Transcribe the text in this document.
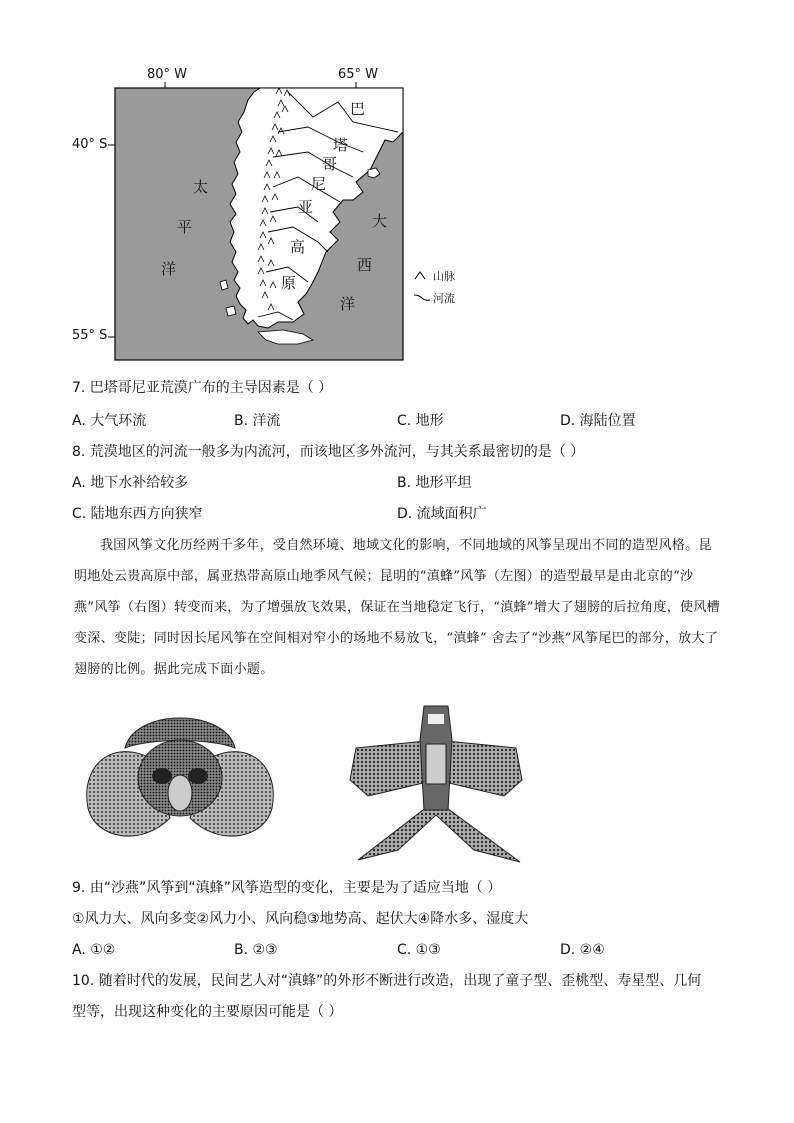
80° W	65° W
40° S
55° S
巴
塔
哥
尼
亚
高
原
太
平
洋
大
西
洋
山脉
河流
7. 巴塔哥尼亚荒漠广布的主导因素是（ ）
A. 大气环流	B. 洋流	C. 地形	D. 海陆位置
8. 荒漠地区的河流一般多为内流河，而该地区多外流河，与其关系最密切的是（ ）
A. 地下水补给较多	B. 地形平坦
C. 陆地东西方向狭窄	D. 流域面积广
我国风筝文化历经两千多年，受自然环境、地域文化的影响，不同地域的风筝呈现出不同的造型风格。昆明地处云贵高原中部，属亚热带高原山地季风气候；昆明的“滇蜂”风筝（左图）的造型最早是由北京的“沙燕”风筝（右图）转变而来，为了增强放飞效果，保证在当地稳定飞行，“滇蜂”增大了翅膀的后拉角度，使风槽变深、变陡；同时因长尾风筝在空间相对窄小的场地不易放飞，“滇蜂” 舍去了“沙燕”风筝尾巴的部分，放大了翅膀的比例。据此完成下面小题。
9. 由“沙燕”风筝到“滇蜂”风筝造型的变化，主要是为了适应当地（ ）
①风力大、风向多变②风力小、风向稳③地势高、起伏大④降水多、湿度大
A. ①②	B. ②③	C. ①③	D. ②④
10. 随着时代的发展，民间艺人对“滇蜂”的外形不断进行改造，出现了童子型、歪桃型、寿星型、几何
型等，出现这种变化的主要原因可能是（ ）
